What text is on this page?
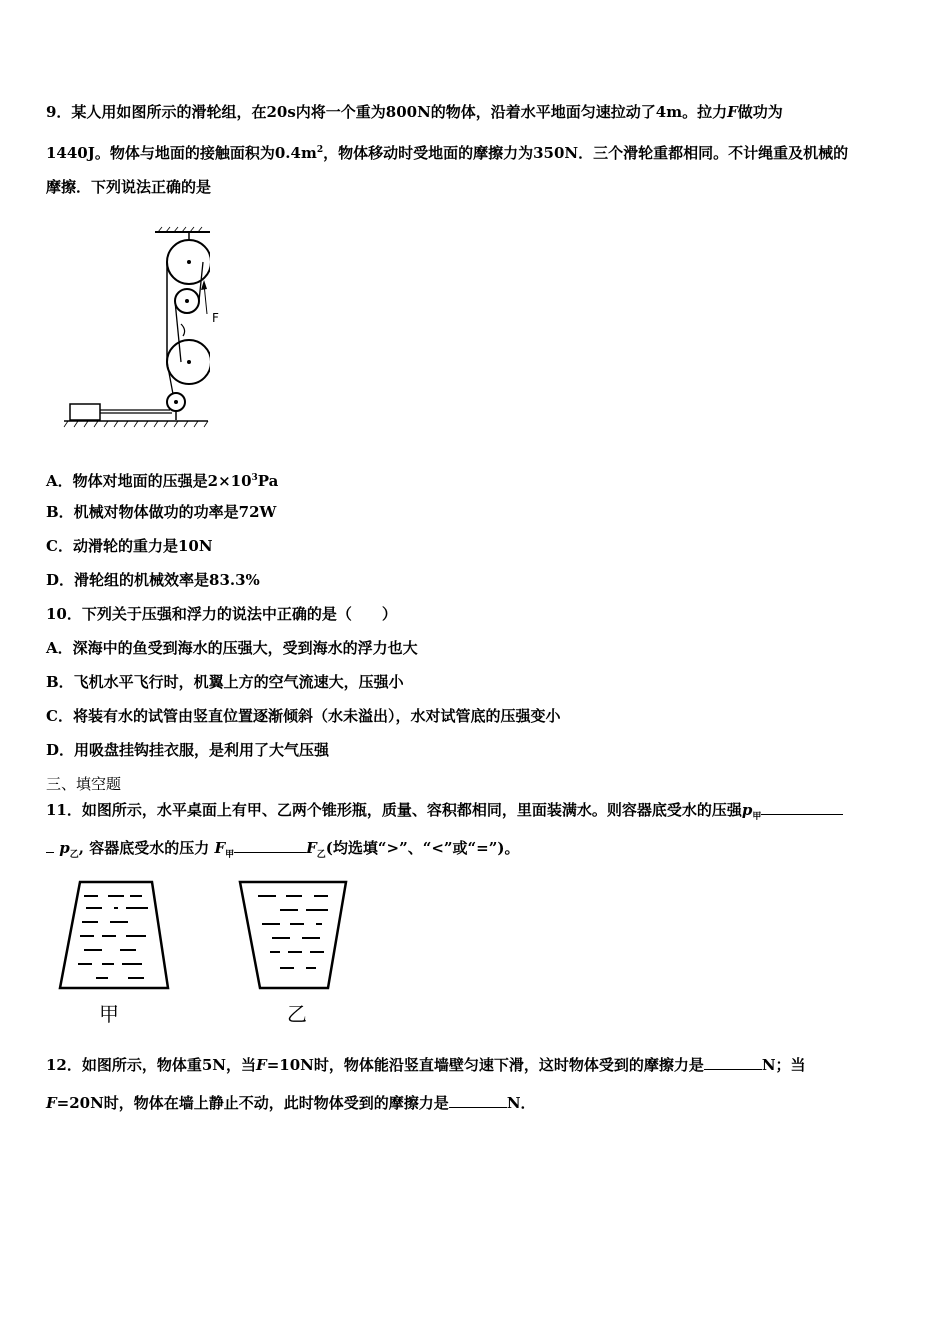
9．某人用如图所示的滑轮组，在20s内将一个重为800N的物体，沿着水平地面匀速拉动了4m。拉力F做功为
1440J。物体与地面的接触面积为$0.4m^2$，物体移动时受地面的摩擦力为350N．三个滑轮重都相同。不计绳重及机械的
摩擦．下列说法正确的是
F
A．物体对地面的压强是$2\times 10^3Pa$
B．机械对物体做功的功率是72W
C．动滑轮的重力是10N
D．滑轮组的机械效率是83.3%
10．下列关于压强和浮力的说法中正确的是（　　）
A．深海中的鱼受到海水的压强大，受到海水的浮力也大
B．飞机水平飞行时，机翼上方的空气流速大，压强小
C．将装有水的试管由竖直位置逐渐倾斜（水未溢出），水对试管底的压强变小
D．用吸盘挂钩挂衣服，是利用了大气压强
三、填空题
11．如图所示，水平桌面上有甲、乙两个锥形瓶，质量、容积都相同，里面装满水。则容器底受水的压强$p_甲$
$p_乙$, 容器底受水的压力 $F_甲$	$F_乙$(均选填“>”、“<”或“=”)。
甲	乙
12．如图所示，物体重5N，当F=10N时，物体能沿竖直墙壁匀速下滑，这时物体受到的摩擦力是	N；当
F=20N时，物体在墙上静止不动，此时物体受到的摩擦力是	N．
